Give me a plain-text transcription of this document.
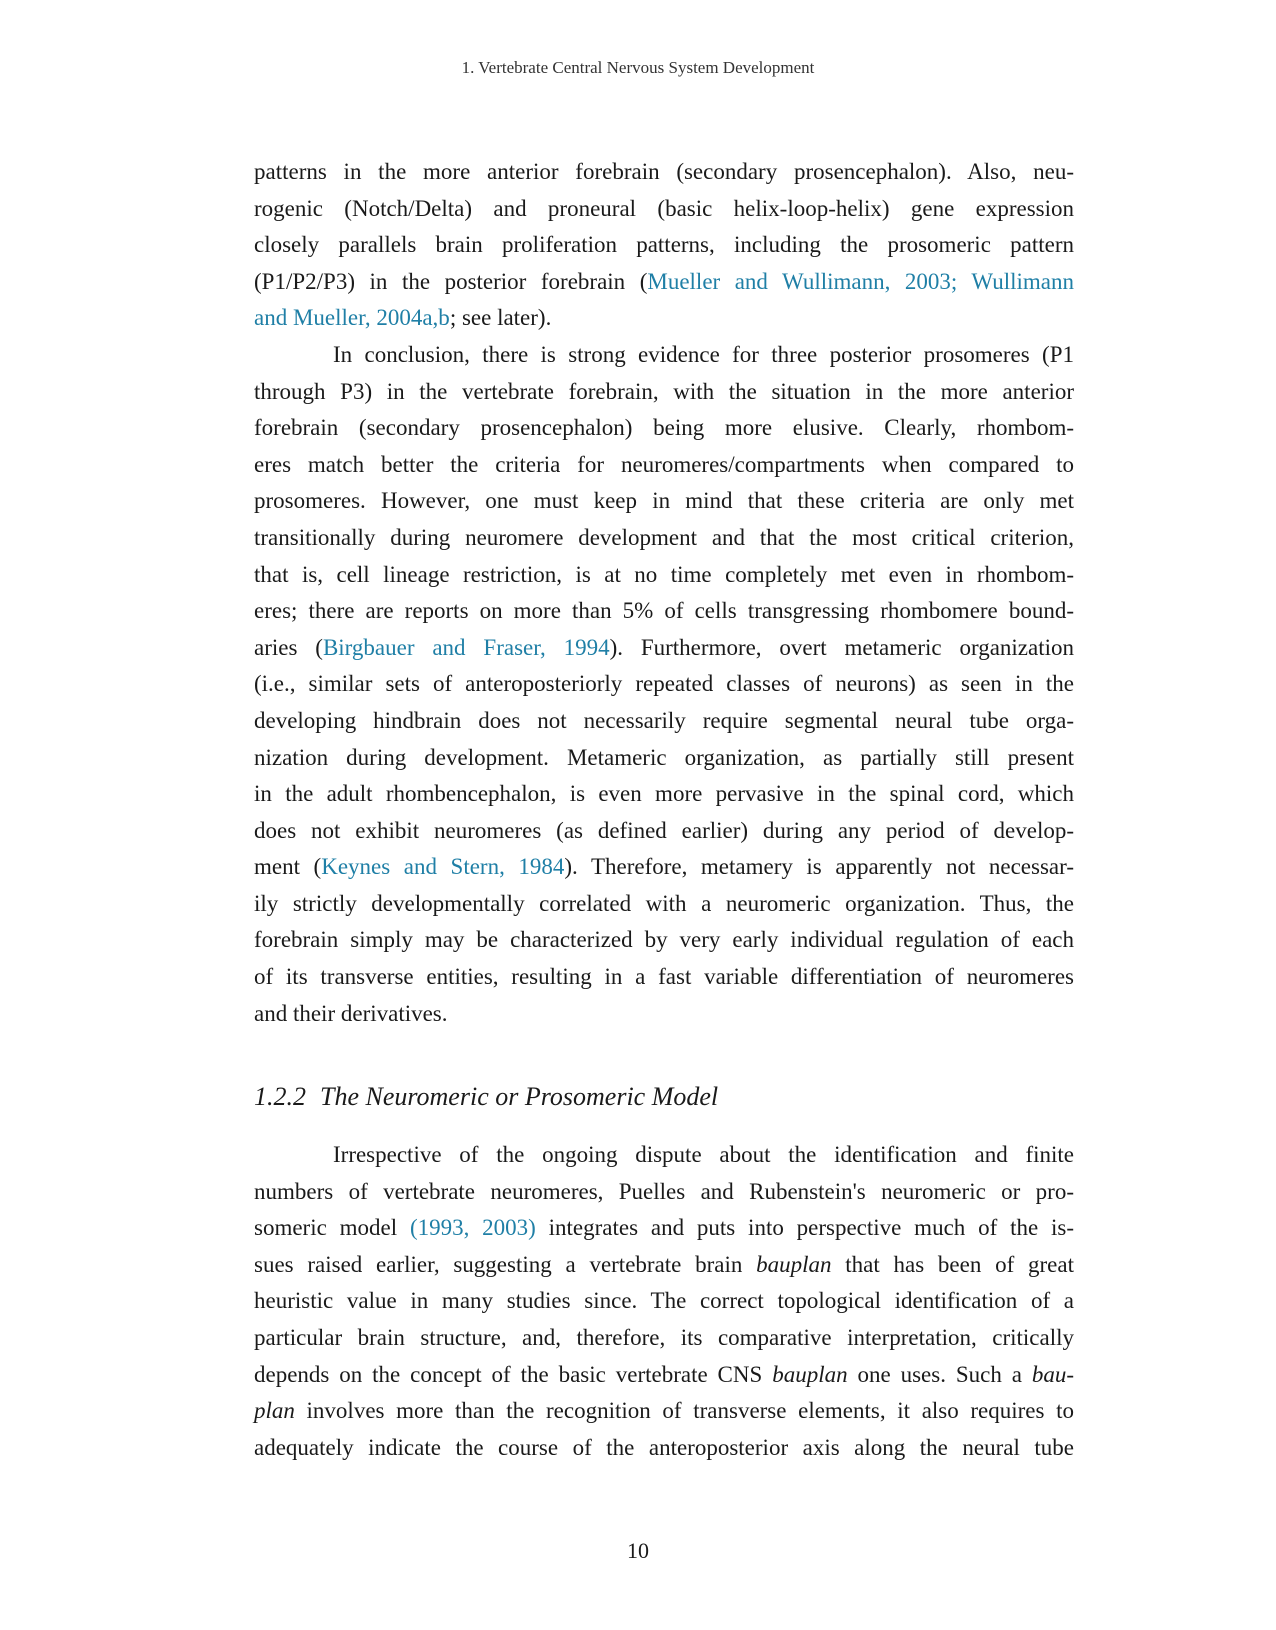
1. Vertebrate Central Nervous System Development
patterns in the more anterior forebrain (secondary prosencephalon). Also, neu-
rogenic (Notch/Delta) and proneural (basic helix-loop-helix) gene expression
closely parallels brain proliferation patterns, including the prosomeric pattern
(P1/P2/P3) in the posterior forebrain (Mueller and Wullimann, 2003; Wullimann
and Mueller, 2004a,b; see later).
In conclusion, there is strong evidence for three posterior prosomeres (P1
through P3) in the vertebrate forebrain, with the situation in the more anterior
forebrain (secondary prosencephalon) being more elusive. Clearly, rhombom-
eres match better the criteria for neuromeres/compartments when compared to
prosomeres. However, one must keep in mind that these criteria are only met
transitionally during neuromere development and that the most critical criterion,
that is, cell lineage restriction, is at no time completely met even in rhombom-
eres; there are reports on more than 5% of cells transgressing rhombomere bound-
aries (Birgbauer and Fraser, 1994). Furthermore, overt metameric organization
(i.e., similar sets of anteroposteriorly repeated classes of neurons) as seen in the
developing hindbrain does not necessarily require segmental neural tube orga-
nization during development. Metameric organization, as partially still present
in the adult rhombencephalon, is even more pervasive in the spinal cord, which
does not exhibit neuromeres (as defined earlier) during any period of develop-
ment (Keynes and Stern, 1984). Therefore, metamery is apparently not necessar-
ily strictly developmentally correlated with a neuromeric organization. Thus, the
forebrain simply may be characterized by very early individual regulation of each
of its transverse entities, resulting in a fast variable differentiation of neuromeres
and their derivatives.
1.2.2 The Neuromeric or Prosomeric Model
Irrespective of the ongoing dispute about the identification and finite
numbers of vertebrate neuromeres, Puelles and Rubenstein's neuromeric or pro-
someric model (1993, 2003) integrates and puts into perspective much of the is-
sues raised earlier, suggesting a vertebrate brain bauplan that has been of great
heuristic value in many studies since. The correct topological identification of a
particular brain structure, and, therefore, its comparative interpretation, critically
depends on the concept of the basic vertebrate CNS bauplan one uses. Such a bau-
plan involves more than the recognition of transverse elements, it also requires to
adequately indicate the course of the anteroposterior axis along the neural tube
10
